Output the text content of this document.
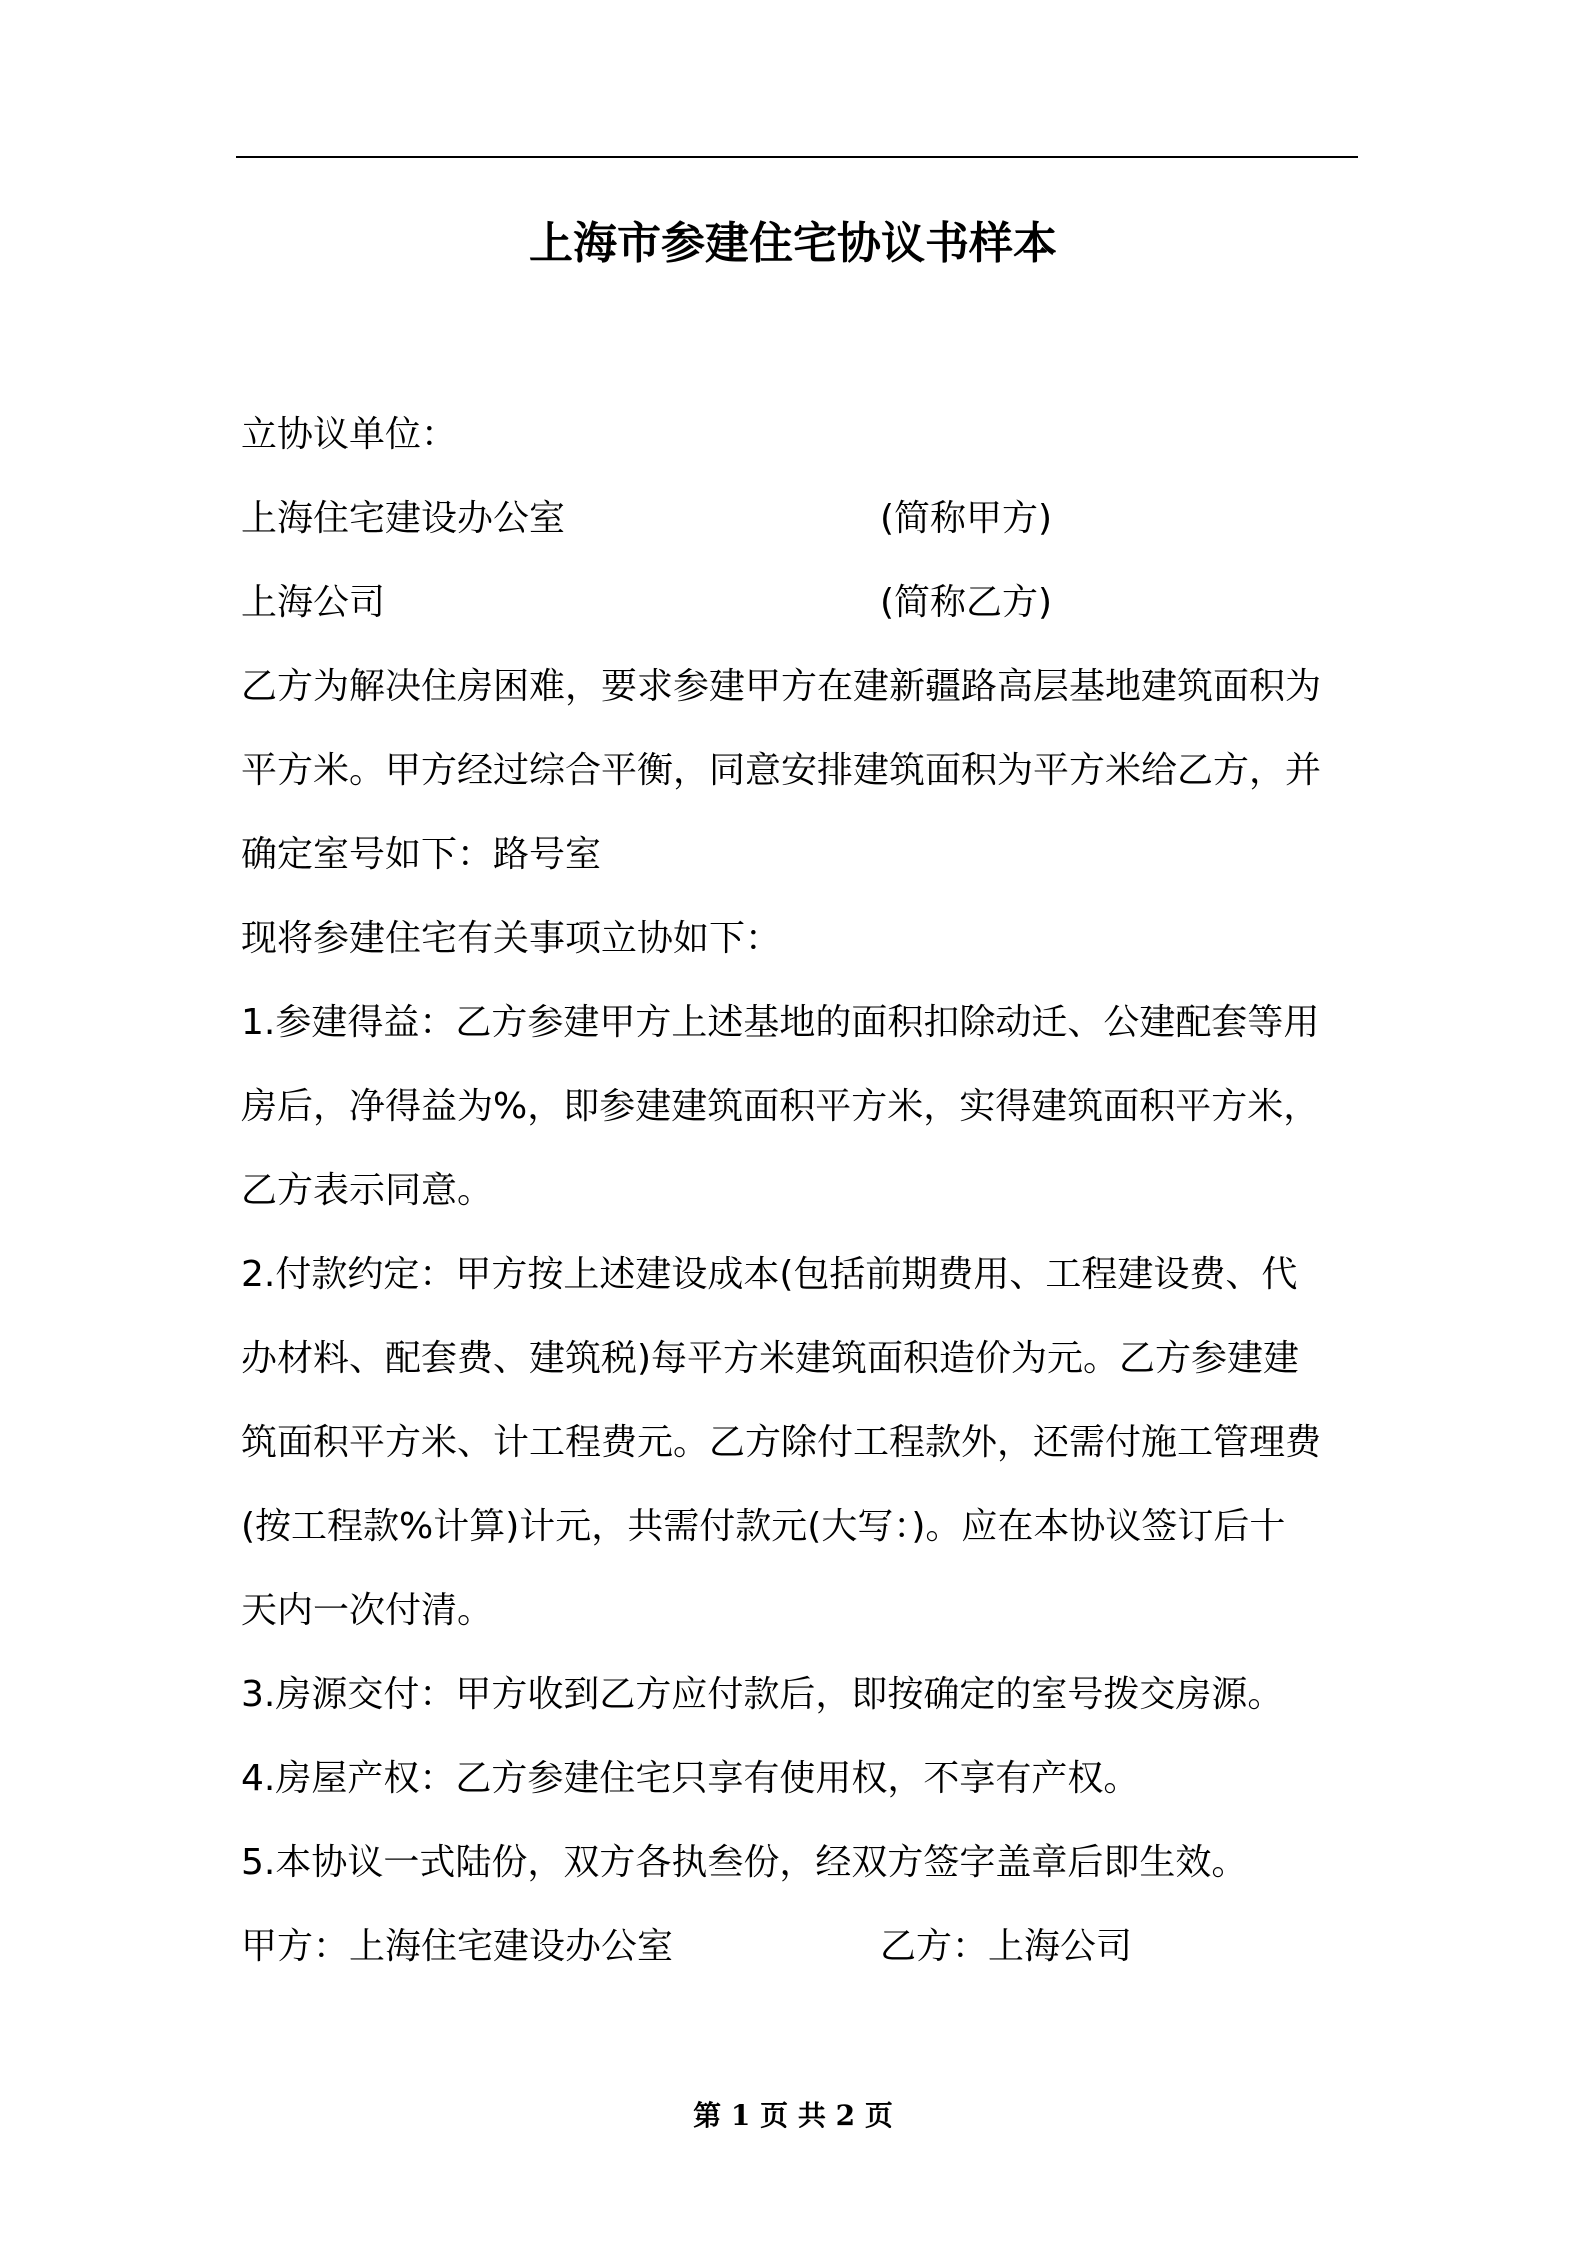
上海市参建住宅协议书样本
立协议单位：
上海住宅建设办公室	(简称甲方)
上海公司	(简称乙方)
乙方为解决住房困难，要求参建甲方在建新疆路高层基地建筑面积为
平方米。甲方经过综合平衡，同意安排建筑面积为平方米给乙方，并
确定室号如下：路号室
现将参建住宅有关事项立协如下：
1.参建得益：乙方参建甲方上述基地的面积扣除动迁、公建配套等用
房后，净得益为%，即参建建筑面积平方米，实得建筑面积平方米，
乙方表示同意。
2.付款约定：甲方按上述建设成本(包括前期费用、工程建设费、代
办材料、配套费、建筑税)每平方米建筑面积造价为元。乙方参建建
筑面积平方米、计工程费元。乙方除付工程款外，还需付施工管理费
(按工程款%计算)计元，共需付款元(大写：)。应在本协议签订后十
天内一次付清。
3.房源交付：甲方收到乙方应付款后，即按确定的室号拨交房源。
4.房屋产权：乙方参建住宅只享有使用权，不享有产权。
5.本协议一式陆份，双方各执叁份，经双方签字盖章后即生效。
甲方：上海住宅建设办公室	乙方：上海公司
第 1 页 共 2 页
